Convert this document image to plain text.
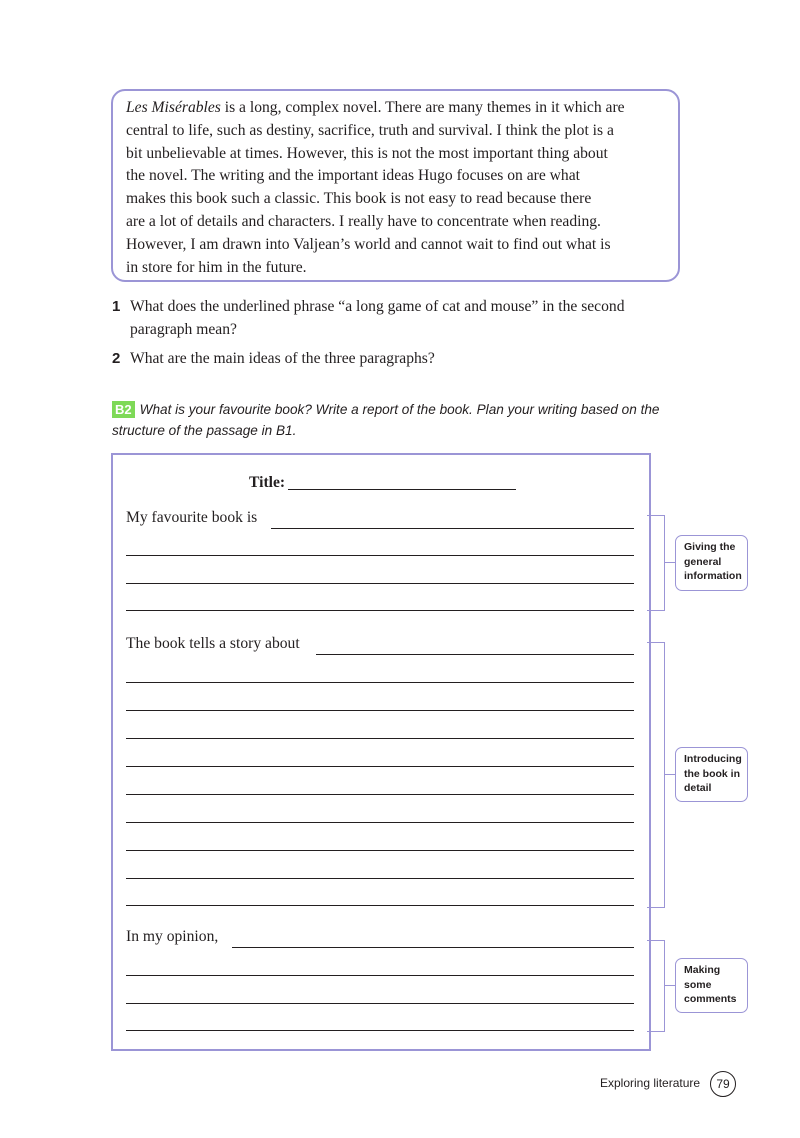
Les Misérables is a long, complex novel. There are many themes in it which are

central to life, such as destiny, sacrifice, truth and survival. I think the plot is a

bit unbelievable at times. However, this is not the most important thing about

the novel. The writing and the important ideas Hugo focuses on are what

makes this book such a classic. This book is not easy to read because there

are a lot of details and characters. I really have to concentrate when reading.

However, I am drawn into Valjean’s world and cannot wait to find out what is

in store for him in the future.

1 What does the underlined phrase “a long game of cat and mouse” in the second paragraph mean?
2 What are the main ideas of the three paragraphs?
B2 What is your favourite book? Write a report of the book. Plan your writing based on the structure of the passage in B1.
Title:
My favourite book is
The book tells a story about
In my opinion,
Giving the general information
Introducing the book in detail
Making some comments
Exploring literature	79
